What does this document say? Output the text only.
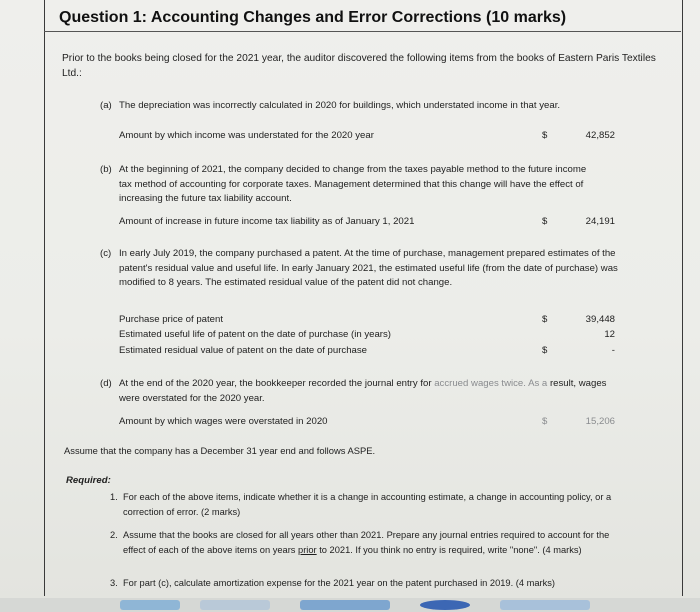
Question 1: Accounting Changes and Error Corrections (10 marks)
Prior to the books being closed for the 2021 year, the auditor discovered the following items from the books of Eastern Paris Textiles Ltd.:
(a) The depreciation was incorrectly calculated in 2020 for buildings, which understated income in that year.
Amount by which income was understated for the 2020 year	$	42,852
(b) At the beginning of 2021, the company decided to change from the taxes payable method to the future income tax method of accounting for corporate taxes. Management determined that this change will have the effect of increasing the future tax liability account.
Amount of increase in future income tax liability as of January 1, 2021	$	24,191
(c) In early July 2019, the company purchased a patent. At the time of purchase, management prepared estimates of the patent's residual value and useful life. In early January 2021, the estimated useful life (from the date of purchase) was modified to 8 years. The estimated residual value of the patent did not change.
Purchase price of patent	$	39,448
Estimated useful life of patent on the date of purchase (in years)	12
Estimated residual value of patent on the date of purchase	$	-
(d) At the end of the 2020 year, the bookkeeper recorded the journal entry for accrued wages twice. As a result, wages were overstated for the 2020 year.
Amount by which wages were overstated in 2020	$	15,206
Assume that the company has a December 31 year end and follows ASPE.
Required:
1. For each of the above items, indicate whether it is a change in accounting estimate, a change in accounting policy, or a correction of error. (2 marks)
2. Assume that the books are closed for all years other than 2021. Prepare any journal entries required to account for the effect of each of the above items on years prior to 2021. If you think no entry is required, write "none". (4 marks)
3. For part (c), calculate amortization expense for the 2021 year on the patent purchased in 2019. (4 marks)
